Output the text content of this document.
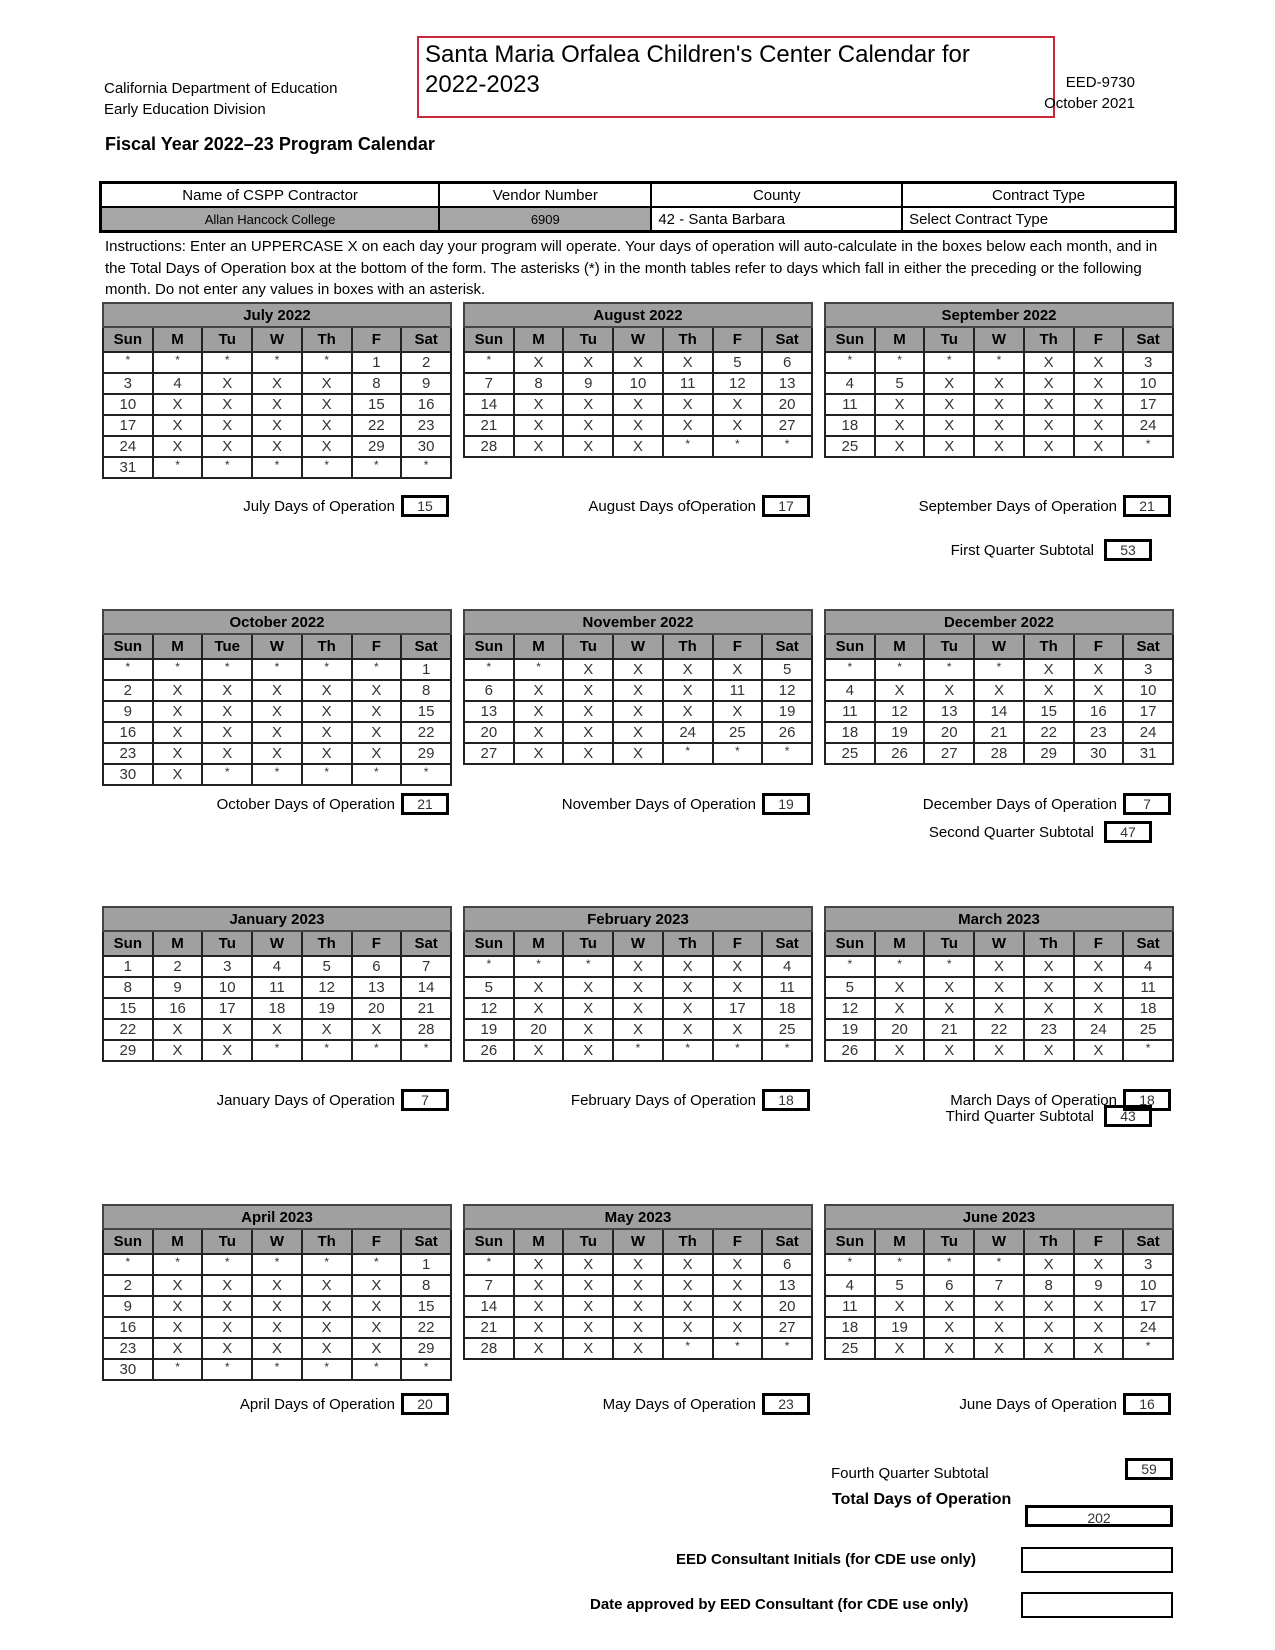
California Department of Education
Early Education Division
Santa Maria Orfalea Children's Center Calendar for
2022-2023	EED-9730
October 2021
Fiscal Year 2022–23 Program Calendar
Name of CSPP Contractor	Vendor Number	County	Contract Type
Allan Hancock College	6909	42 - Santa Barbara	Select Contract Type
Instructions: Enter an UPPERCASE X on each day your program will operate. Your days of operation will auto-calculate in the boxes below each month, and in the Total Days of Operation box at the bottom of the form. The asterisks (*) in the month tables refer to days which fall in either the preceding or the following month. Do not enter any values in boxes with an asterisk.
July 2022						
Sun	M	Tu	W	Th	F	Sat
*	*	*	*	*	1	2
3	4	X	X	X	8	9
10	X	X	X	X	15	16
17	X	X	X	X	22	23
24	X	X	X	X	29	30
31	*	*	*	*	*	*
July Days of Operation	15
August 2022						
Sun	M	Tu	W	Th	F	Sat
*	X	X	X	X	5	6
7	8	9	10	11	12	13
14	X	X	X	X	X	20
21	X	X	X	X	X	27
28	X	X	X	*	*	*
August Days ofOperation	17
September 2022						
Sun	M	Tu	W	Th	F	Sat
*	*	*	*	X	X	3
4	5	X	X	X	X	10
11	X	X	X	X	X	17
18	X	X	X	X	X	24
25	X	X	X	X	X	*
September Days of Operation	21
October 2022						
Sun	M	Tue	W	Th	F	Sat
*	*	*	*	*	*	1
2	X	X	X	X	X	8
9	X	X	X	X	X	15
16	X	X	X	X	X	22
23	X	X	X	X	X	29
30	X	*	*	*	*	*
October Days of Operation	21
November 2022						
Sun	M	Tu	W	Th	F	Sat
*	*	X	X	X	X	5
6	X	X	X	X	11	12
13	X	X	X	X	X	19
20	X	X	X	24	25	26
27	X	X	X	*	*	*
November Days of Operation	19
December 2022						
Sun	M	Tu	W	Th	F	Sat
*	*	*	*	X	X	3
4	X	X	X	X	X	10
11	12	13	14	15	16	17
18	19	20	21	22	23	24
25	26	27	28	29	30	31
December Days of Operation	7
January 2023						
Sun	M	Tu	W	Th	F	Sat
1	2	3	4	5	6	7
8	9	10	11	12	13	14
15	16	17	18	19	20	21
22	X	X	X	X	X	28
29	X	X	*	*	*	*
January Days of Operation	7
February 2023						
Sun	M	Tu	W	Th	F	Sat
*	*	*	X	X	X	4
5	X	X	X	X	X	11
12	X	X	X	X	17	18
19	20	X	X	X	X	25
26	X	X	*	*	*	*
February Days of Operation	18
March 2023						
Sun	M	Tu	W	Th	F	Sat
*	*	*	X	X	X	4
5	X	X	X	X	X	11
12	X	X	X	X	X	18
19	20	21	22	23	24	25
26	X	X	X	X	X	*
March Days of Operation	18
April 2023						
Sun	M	Tu	W	Th	F	Sat
*	*	*	*	*	*	1
2	X	X	X	X	X	8
9	X	X	X	X	X	15
16	X	X	X	X	X	22
23	X	X	X	X	X	29
30	*	*	*	*	*	*
April Days of Operation	20
May 2023						
Sun	M	Tu	W	Th	F	Sat
*	X	X	X	X	X	6
7	X	X	X	X	X	13
14	X	X	X	X	X	20
21	X	X	X	X	X	27
28	X	X	X	*	*	*
May Days of Operation	23
June 2023						
Sun	M	Tu	W	Th	F	Sat
*	*	*	*	X	X	3
4	5	6	7	8	9	10
11	X	X	X	X	X	17
18	19	X	X	X	X	24
25	X	X	X	X	X	*
June Days of Operation	16
First Quarter Subtotal	53
Second Quarter Subtotal	47
Third Quarter Subtotal	43
Fourth Quarter Subtotal	59
Total Days of Operation
202
EED Consultant Initials (for CDE use only)
Date approved by EED Consultant (for CDE use only)
